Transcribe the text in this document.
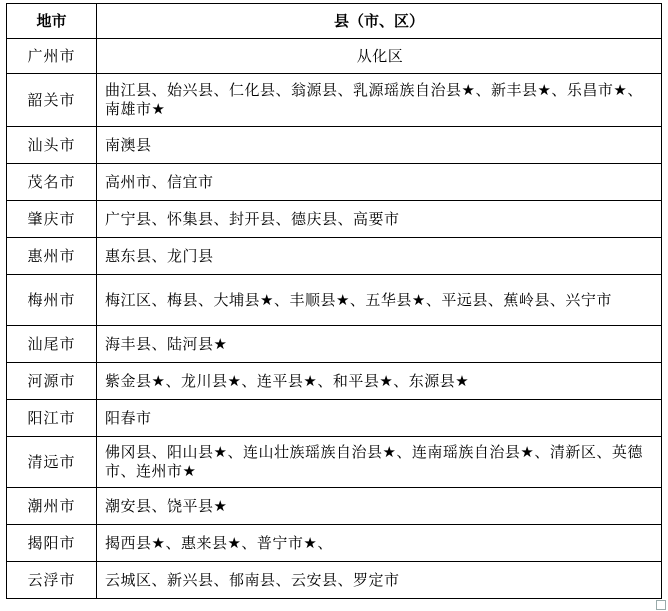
地市	县（市、区）
广州市	从化区
韶关市	曲江县、始兴县、仁化县、翁源县、乳源瑶族自治县★、新丰县★、乐昌市★、南雄市★
汕头市	南澳县
茂名市	高州市、信宜市
肇庆市	广宁县、怀集县、封开县、德庆县、高要市
惠州市	惠东县、龙门县
梅州市	梅江区、梅县、大埔县★、丰顺县★、五华县★、平远县、蕉岭县、兴宁市
汕尾市	海丰县、陆河县★
河源市	紫金县★、龙川县★、连平县★、和平县★、东源县★
阳江市	阳春市
清远市	佛冈县、阳山县★、连山壮族瑶族自治县★、连南瑶族自治县★、清新区、英德市、连州市★
潮州市	潮安县、饶平县★
揭阳市	揭西县★、惠来县★、普宁市★、
云浮市	云城区、新兴县、郁南县、云安县、罗定市
